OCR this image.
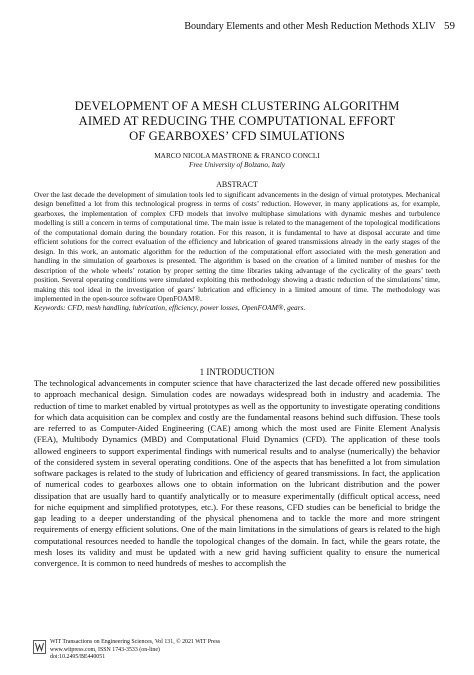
Boundary Elements and other Mesh Reduction Methods XLIV 59
DEVELOPMENT OF A MESH CLUSTERING ALGORITHM
AIMED AT REDUCING THE COMPUTATIONAL EFFORT
OF GEARBOXES’ CFD SIMULATIONS
MARCO NICOLA MASTRONE & FRANCO CONCLI
Free University of Bolzano, Italy
ABSTRACT

Over the last decade the development of simulation tools led to significant advancements in the design of virtual prototypes. Mechanical design benefitted a lot from this technological progress in terms of costs’ reduction. However, in many applications as, for example, gearboxes, the implementation of complex CFD models that involve multiphase simulations with dynamic meshes and turbulence modelling is still a concern in terms of computational time. The main issue is related to the management of the topological modifications of the computational domain during the boundary rotation. For this reason, it is fundamental to have at disposal accurate and time efficient solutions for the correct evaluation of the efficiency and lubrication of geared transmissions already in the early stages of the design. In this work, an automatic algorithm for the reduction of the computational effort associated with the mesh generation and handling in the simulation of gearboxes is presented. The algorithm is based on the creation of a limited number of meshes for the description of the whole wheels’ rotation by proper setting the time libraries taking advantage of the cyclicality of the gears’ teeth position. Several operating conditions were simulated exploiting this methodology showing a drastic reduction of the simulations’ time, making this tool ideal in the investigation of gears’ lubrication and efficiency in a limited amount of time. The methodology was implemented in the open-source software OpenFOAM®.

Keywords: CFD, mesh handling, lubrication, efficiency, power losses, OpenFOAM®, gears.

1 INTRODUCTION

The technological advancements in computer science that have characterized the last decade offered new possibilities to approach mechanical design. Simulation codes are nowadays widespread both in industry and academia. The reduction of time to market enabled by virtual prototypes as well as the opportunity to investigate operating conditions for which data acquisition can be complex and costly are the fundamental reasons behind such diffusion. These tools are referred to as Computer-Aided Engineering (CAE) among which the most used are Finite Element Analysis (FEA), Multibody Dynamics (MBD) and Computational Fluid Dynamics (CFD). The application of these tools allowed engineers to support experimental findings with numerical results and to analyse (numerically) the behavior of the considered system in several operating conditions. One of the aspects that has benefitted a lot from simulation software packages is related to the study of lubrication and efficiency of geared transmissions. In fact, the application of numerical codes to gearboxes allows one to obtain information on the lubricant distribution and the power dissipation that are usually hard to quantify analytically or to measure experimentally (difficult optical access, need for niche equipment and simplified prototypes, etc.). For these reasons, CFD studies can be beneficial to bridge the gap leading to a deeper understanding of the physical phenomena and to tackle the more and more stringent requirements of energy efficient solutions. One of the main limitations in the simulations of gears is related to the high computational resources needed to handle the topological changes of the domain. In fact, while the gears rotate, the mesh loses its validity and must be updated with a new grid having sufficient quality to ensure the numerical convergence. It is common to need hundreds of meshes to accomplish the

WIT Transactions on Engineering Sciences, Vol 131, © 2021 WIT Press
www.witpress.com, ISSN 1743-3533 (on-line)
doi:10.2495/BE440051
